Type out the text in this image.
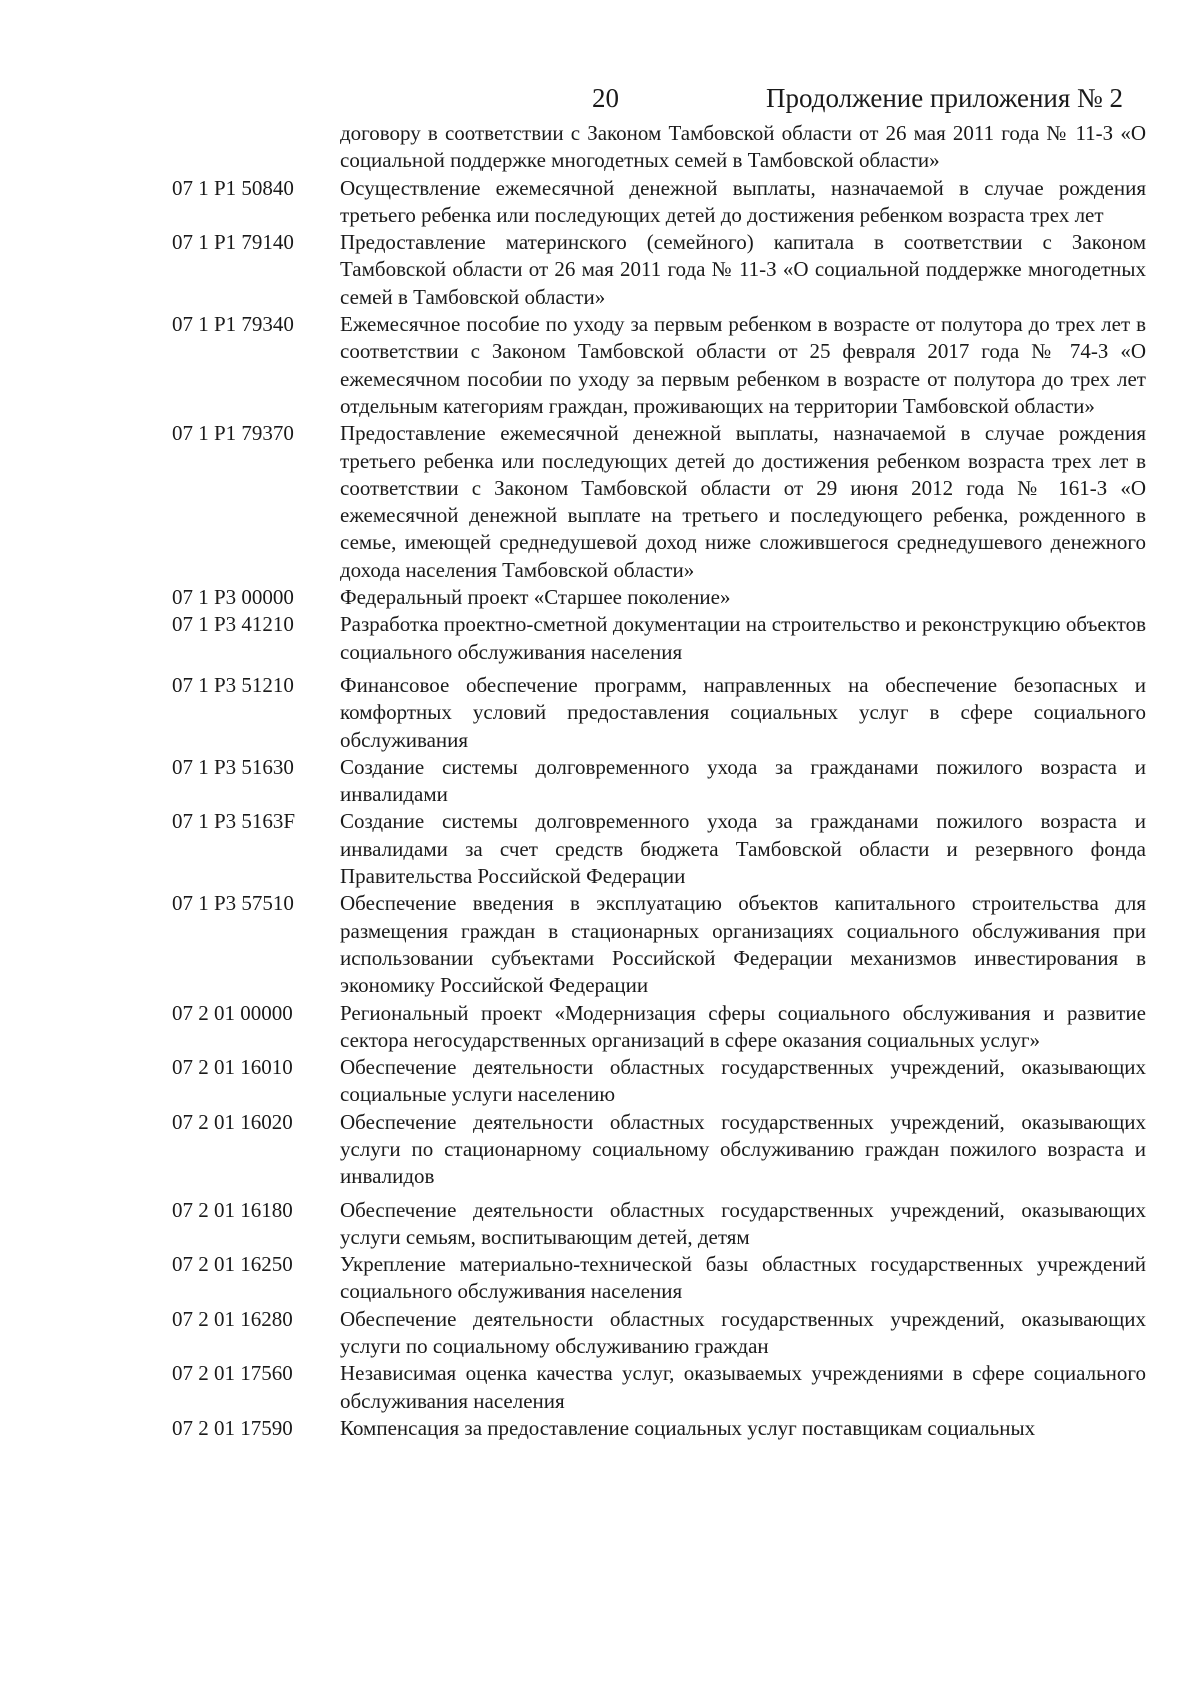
20	Продолжение приложения № 2
договору в соответствии с Законом Тамбовской области от 26 мая 2011 года № 11-З «О социальной поддержке многодетных семей в Тамбовской области»
07 1 P1 50840	Осуществление ежемесячной денежной выплаты, назначаемой в случае рождения третьего ребенка или последующих детей до достижения ребенком возраста трех лет
07 1 P1 79140	Предоставление материнского (семейного) капитала в соответствии с Законом Тамбовской области от 26 мая 2011 года № 11-З «О социальной поддержке многодетных семей в Тамбовской области»
07 1 P1 79340	Ежемесячное пособие по уходу за первым ребенком в возрасте от полутора до трех лет в соответствии с Законом Тамбовской области от 25 февраля 2017 года № 74-З «О ежемесячном пособии по уходу за первым ребенком в возрасте от полутора до трех лет отдельным категориям граждан, проживающих на территории Тамбовской области»
07 1 P1 79370	Предоставление ежемесячной денежной выплаты, назначаемой в случае рождения третьего ребенка или последующих детей до достижения ребенком возраста трех лет в соответствии с Законом Тамбовской области от 29 июня 2012 года № 161-З «О ежемесячной денежной выплате на третьего и последующего ребенка, рожденного в семье, имеющей среднедушевой доход ниже сложившегося среднедушевого денежного дохода населения Тамбовской области»
07 1 P3 00000	Федеральный проект «Старшее поколение»
07 1 P3 41210	Разработка проектно-сметной документации на строительство и реконструкцию объектов социального обслуживания населения
07 1 P3 51210	Финансовое обеспечение программ, направленных на обеспечение безопасных и комфортных условий предоставления социальных услуг в сфере социального обслуживания
07 1 P3 51630	Создание системы долговременного ухода за гражданами пожилого возраста и инвалидами
07 1 P3 5163F	Создание системы долговременного ухода за гражданами пожилого возраста и инвалидами за счет средств бюджета Тамбовской области и резервного фонда Правительства Российской Федерации
07 1 P3 57510	Обеспечение введения в эксплуатацию объектов капитального строительства для размещения граждан в стационарных организациях социального обслуживания при использовании субъектами Российской Федерации механизмов инвестирования в экономику Российской Федерации
07 2 01 00000	Региональный проект «Модернизация сферы социального обслуживания и развитие сектора негосударственных организаций в сфере оказания социальных услуг»
07 2 01 16010	Обеспечение деятельности областных государственных учреждений, оказывающих социальные услуги населению
07 2 01 16020	Обеспечение деятельности областных государственных учреждений, оказывающих услуги по стационарному социальному обслуживанию граждан пожилого возраста и инвалидов
07 2 01 16180	Обеспечение деятельности областных государственных учреждений, оказывающих услуги семьям, воспитывающим детей, детям
07 2 01 16250	Укрепление материально-технической базы областных государственных учреждений социального обслуживания населения
07 2 01 16280	Обеспечение деятельности областных государственных учреждений, оказывающих услуги по социальному обслуживанию граждан
07 2 01 17560	Независимая оценка качества услуг, оказываемых учреждениями в сфере социального обслуживания населения
07 2 01 17590	Компенсация за предоставление социальных услуг поставщикам социальных
